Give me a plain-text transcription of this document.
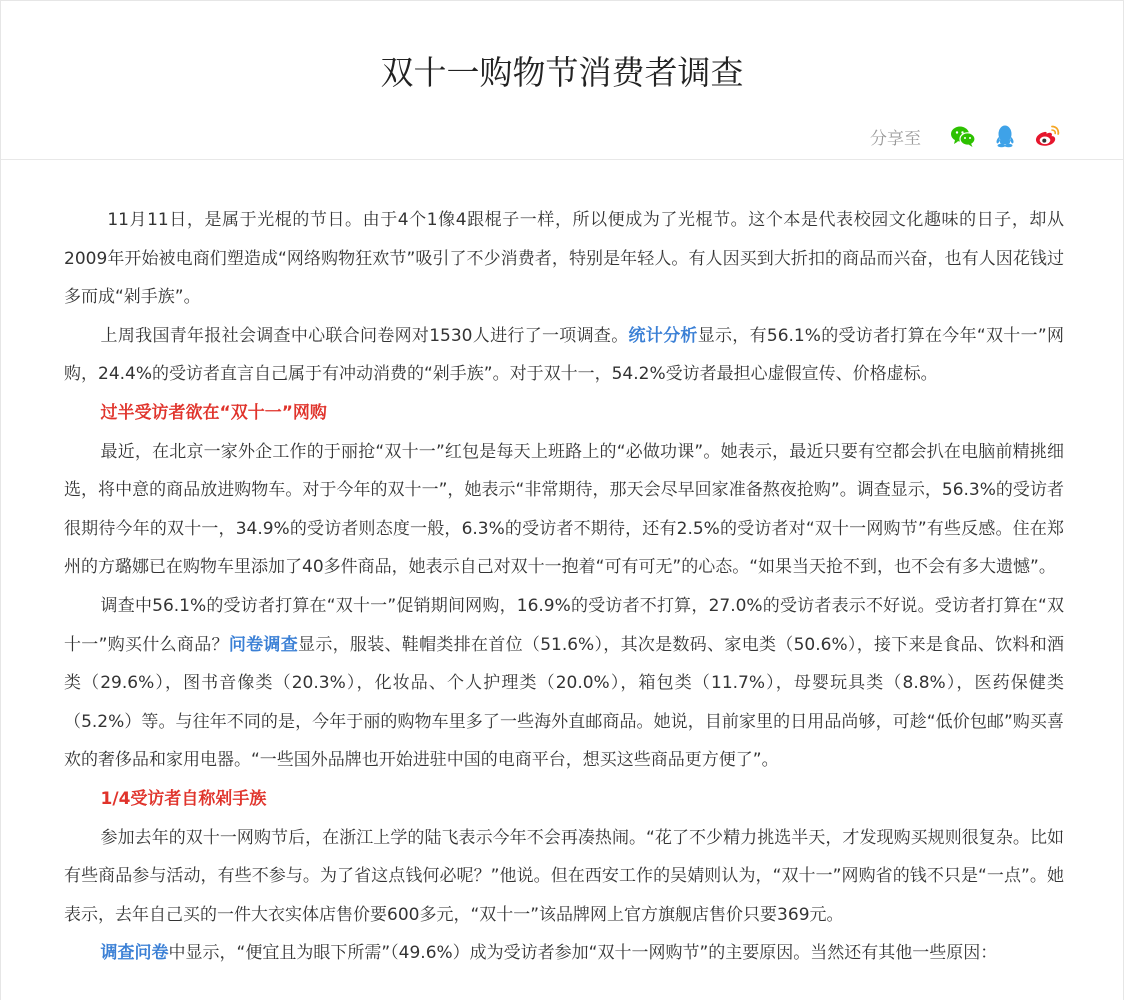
双十一购物节消费者调查
分享至

11月11日，是属于光棍的节日。由于4个1像4跟棍子一样，所以便成为了光棍节。这个本是代表校园文化趣味的日子，却从2009年开始被电商们塑造成“网络购物狂欢节”吸引了不少消费者，特别是年轻人。有人因买到大折扣的商品而兴奋，也有人因花钱过多而成“剁手族”。

上周我国青年报社会调查中心联合问卷网对1530人进行了一项调查。统计分析显示，有56.1%的受访者打算在今年“双十一”网购，24.4%的受访者直言自己属于有冲动消费的“剁手族”。对于双十一，54.2%受访者最担心虚假宣传、价格虚标。

过半受访者欲在“双十一”网购

最近，在北京一家外企工作的于丽抢“双十一”红包是每天上班路上的“必做功课”。她表示，最近只要有空都会扒在电脑前精挑细选，将中意的商品放进购物车。对于今年的双十一”，她表示“非常期待，那天会尽早回家准备熬夜抢购”。调查显示，56.3%的受访者很期待今年的双十一，34.9%的受访者则态度一般，6.3%的受访者不期待，还有2.5%的受访者对“双十一网购节”有些反感。住在郑州的方璐娜已在购物车里添加了40多件商品，她表示自己对双十一抱着“可有可无”的心态。“如果当天抢不到，也不会有多大遗憾”。

调查中56.1%的受访者打算在“双十一”促销期间网购，16.9%的受访者不打算，27.0%的受访者表示不好说。受访者打算在“双十一”购买什么商品？问卷调查显示，服装、鞋帽类排在首位（51.6%），其次是数码、家电类（50.6%），接下来是食品、饮料和酒类（29.6%），图书音像类（20.3%），化妆品、个人护理类（20.0%），箱包类（11.7%），母婴玩具类（8.8%），医药保健类（5.2%）等。与往年不同的是，今年于丽的购物车里多了一些海外直邮商品。她说，目前家里的日用品尚够，可趁“低价包邮”购买喜欢的奢侈品和家用电器。“一些国外品牌也开始进驻中国的电商平台，想买这些商品更方便了”。

1/4受访者自称剁手族

参加去年的双十一网购节后，在浙江上学的陆飞表示今年不会再凑热闹。“花了不少精力挑选半天，才发现购买规则很复杂。比如有些商品参与活动，有些不参与。为了省这点钱何必呢？”他说。但在西安工作的吴婧则认为，“双十一”网购省的钱不只是“一点”。她表示，去年自己买的一件大衣实体店售价要600多元，“双十一”该品牌网上官方旗舰店售价只要369元。

调查问卷中显示，“便宜且为眼下所需”（49.6%）成为受访者参加“双十一网购节”的主要原因。当然还有其他一些原因：
